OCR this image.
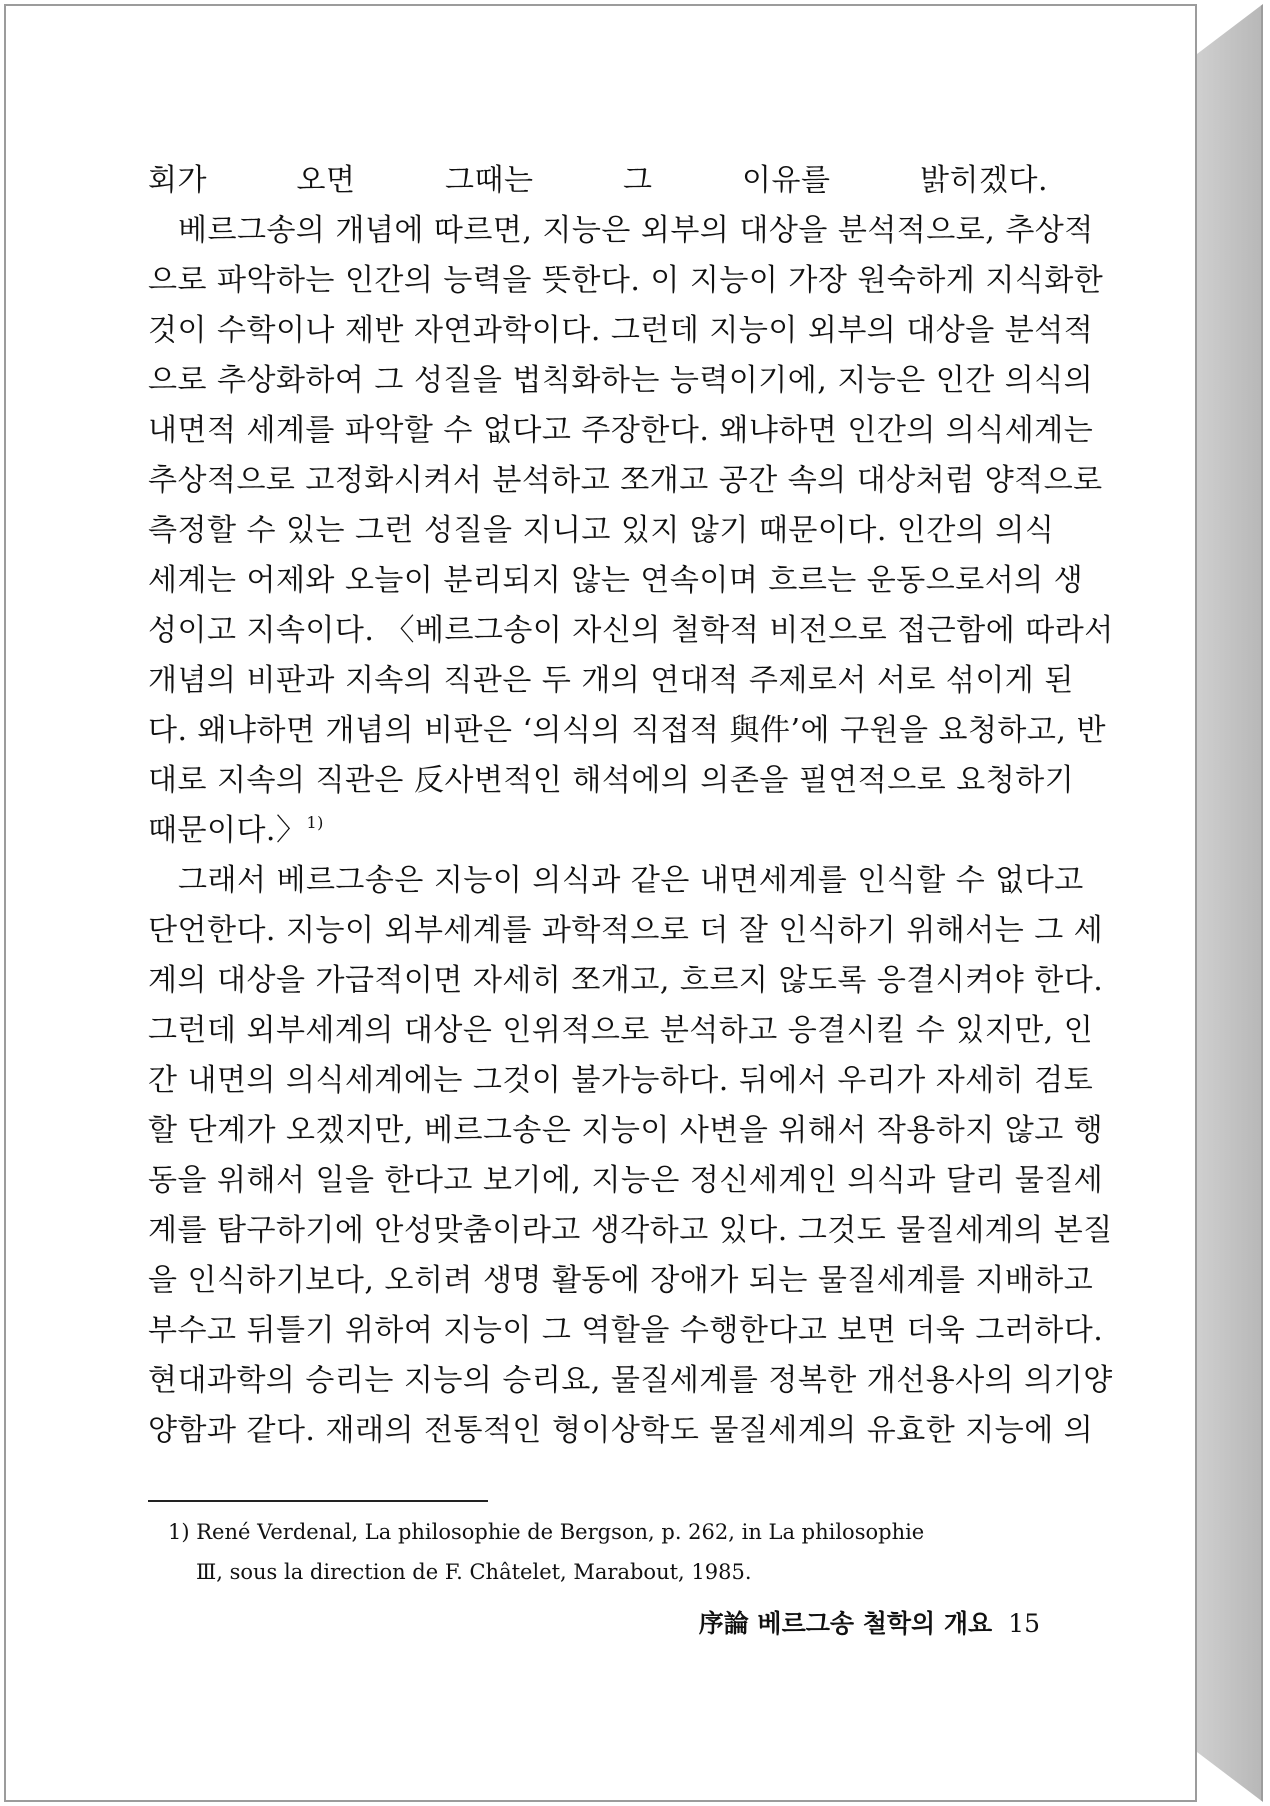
회가 오면 그때는 그 이유를 밝히겠다.
베르그송의 개념에 따르면, 지능은 외부의 대상을 분석적으로, 추상적
으로 파악하는 인간의 능력을 뜻한다. 이 지능이 가장 원숙하게 지식화한
것이 수학이나 제반 자연과학이다. 그런데 지능이 외부의 대상을 분석적
으로 추상화하여 그 성질을 법칙화하는 능력이기에, 지능은 인간 의식의
내면적 세계를 파악할 수 없다고 주장한다. 왜냐하면 인간의 의식세계는
추상적으로 고정화시켜서 분석하고 쪼개고 공간 속의 대상처럼 양적으로
측정할 수 있는 그런 성질을 지니고 있지 않기 때문이다. 인간의 의식
세계는 어제와 오늘이 분리되지 않는 연속이며 흐르는 운동으로서의 생
성이고 지속이다. 〈베르그송이 자신의 철학적 비전으로 접근함에 따라서
개념의 비판과 지속의 직관은 두 개의 연대적 주제로서 서로 섞이게 된
다. 왜냐하면 개념의 비판은 ‘의식의 직접적 與件’에 구원을 요청하고, 반
대로 지속의 직관은 反사변적인 해석에의 의존을 필연적으로 요청하기
때문이다.〉$^{1)}$
그래서 베르그송은 지능이 의식과 같은 내면세계를 인식할 수 없다고
단언한다. 지능이 외부세계를 과학적으로 더 잘 인식하기 위해서는 그 세
계의 대상을 가급적이면 자세히 쪼개고, 흐르지 않도록 응결시켜야 한다.
그런데 외부세계의 대상은 인위적으로 분석하고 응결시킬 수 있지만, 인
간 내면의 의식세계에는 그것이 불가능하다. 뒤에서 우리가 자세히 검토
할 단계가 오겠지만, 베르그송은 지능이 사변을 위해서 작용하지 않고 행
동을 위해서 일을 한다고 보기에, 지능은 정신세계인 의식과 달리 물질세
계를 탐구하기에 안성맞춤이라고 생각하고 있다. 그것도 물질세계의 본질
을 인식하기보다, 오히려 생명 활동에 장애가 되는 물질세계를 지배하고
부수고 뒤틀기 위하여 지능이 그 역할을 수행한다고 보면 더욱 그러하다.
현대과학의 승리는 지능의 승리요, 물질세계를 정복한 개선용사의 의기양
양함과 같다. 재래의 전통적인 형이상학도 물질세계의 유효한 지능에 의
1) René Verdenal, La philosophie de Bergson, p. 262, in La philosophie
Ⅲ, sous la direction de F. Châtelet, Marabout, 1985.
序論 베르그송 철학의 개요 15
